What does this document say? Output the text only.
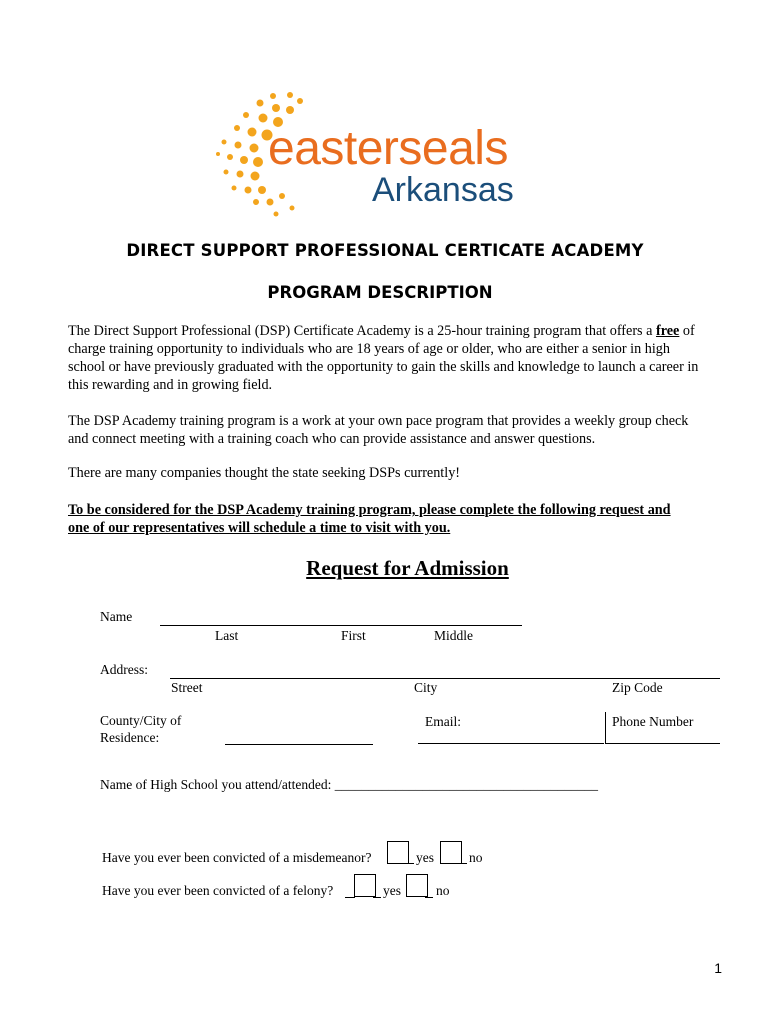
easterseals
Arkansas
DIRECT SUPPORT PROFESSIONAL CERTICATE ACADEMY
PROGRAM DESCRIPTION
The Direct Support Professional (DSP) Certificate Academy is a 25-hour training program that offers a free of charge training opportunity to individuals who are 18 years of age or older, who are either a senior in high school or have previously graduated with the opportunity to gain the skills and knowledge to launch a career in this rewarding and in growing field.
The DSP Academy training program is a work at your own pace program that provides a weekly group check and connect meeting with a training coach who can provide assistance and answer questions.
There are many companies thought the state seeking DSPs currently!
To be considered for the DSP Academy training program, please complete the following request and one of our representatives will schedule a time to visit with you.
Request for Admission
Name
Last	First	Middle
Address:
Street	City	Zip Code
County/City of
Residence:
Email:	Phone Number
Name of High School you attend/attended: _______________________________________
Have you ever been convicted of a misdemeanor?	yes	no
Have you ever been convicted of a felony?	yes	no
1
